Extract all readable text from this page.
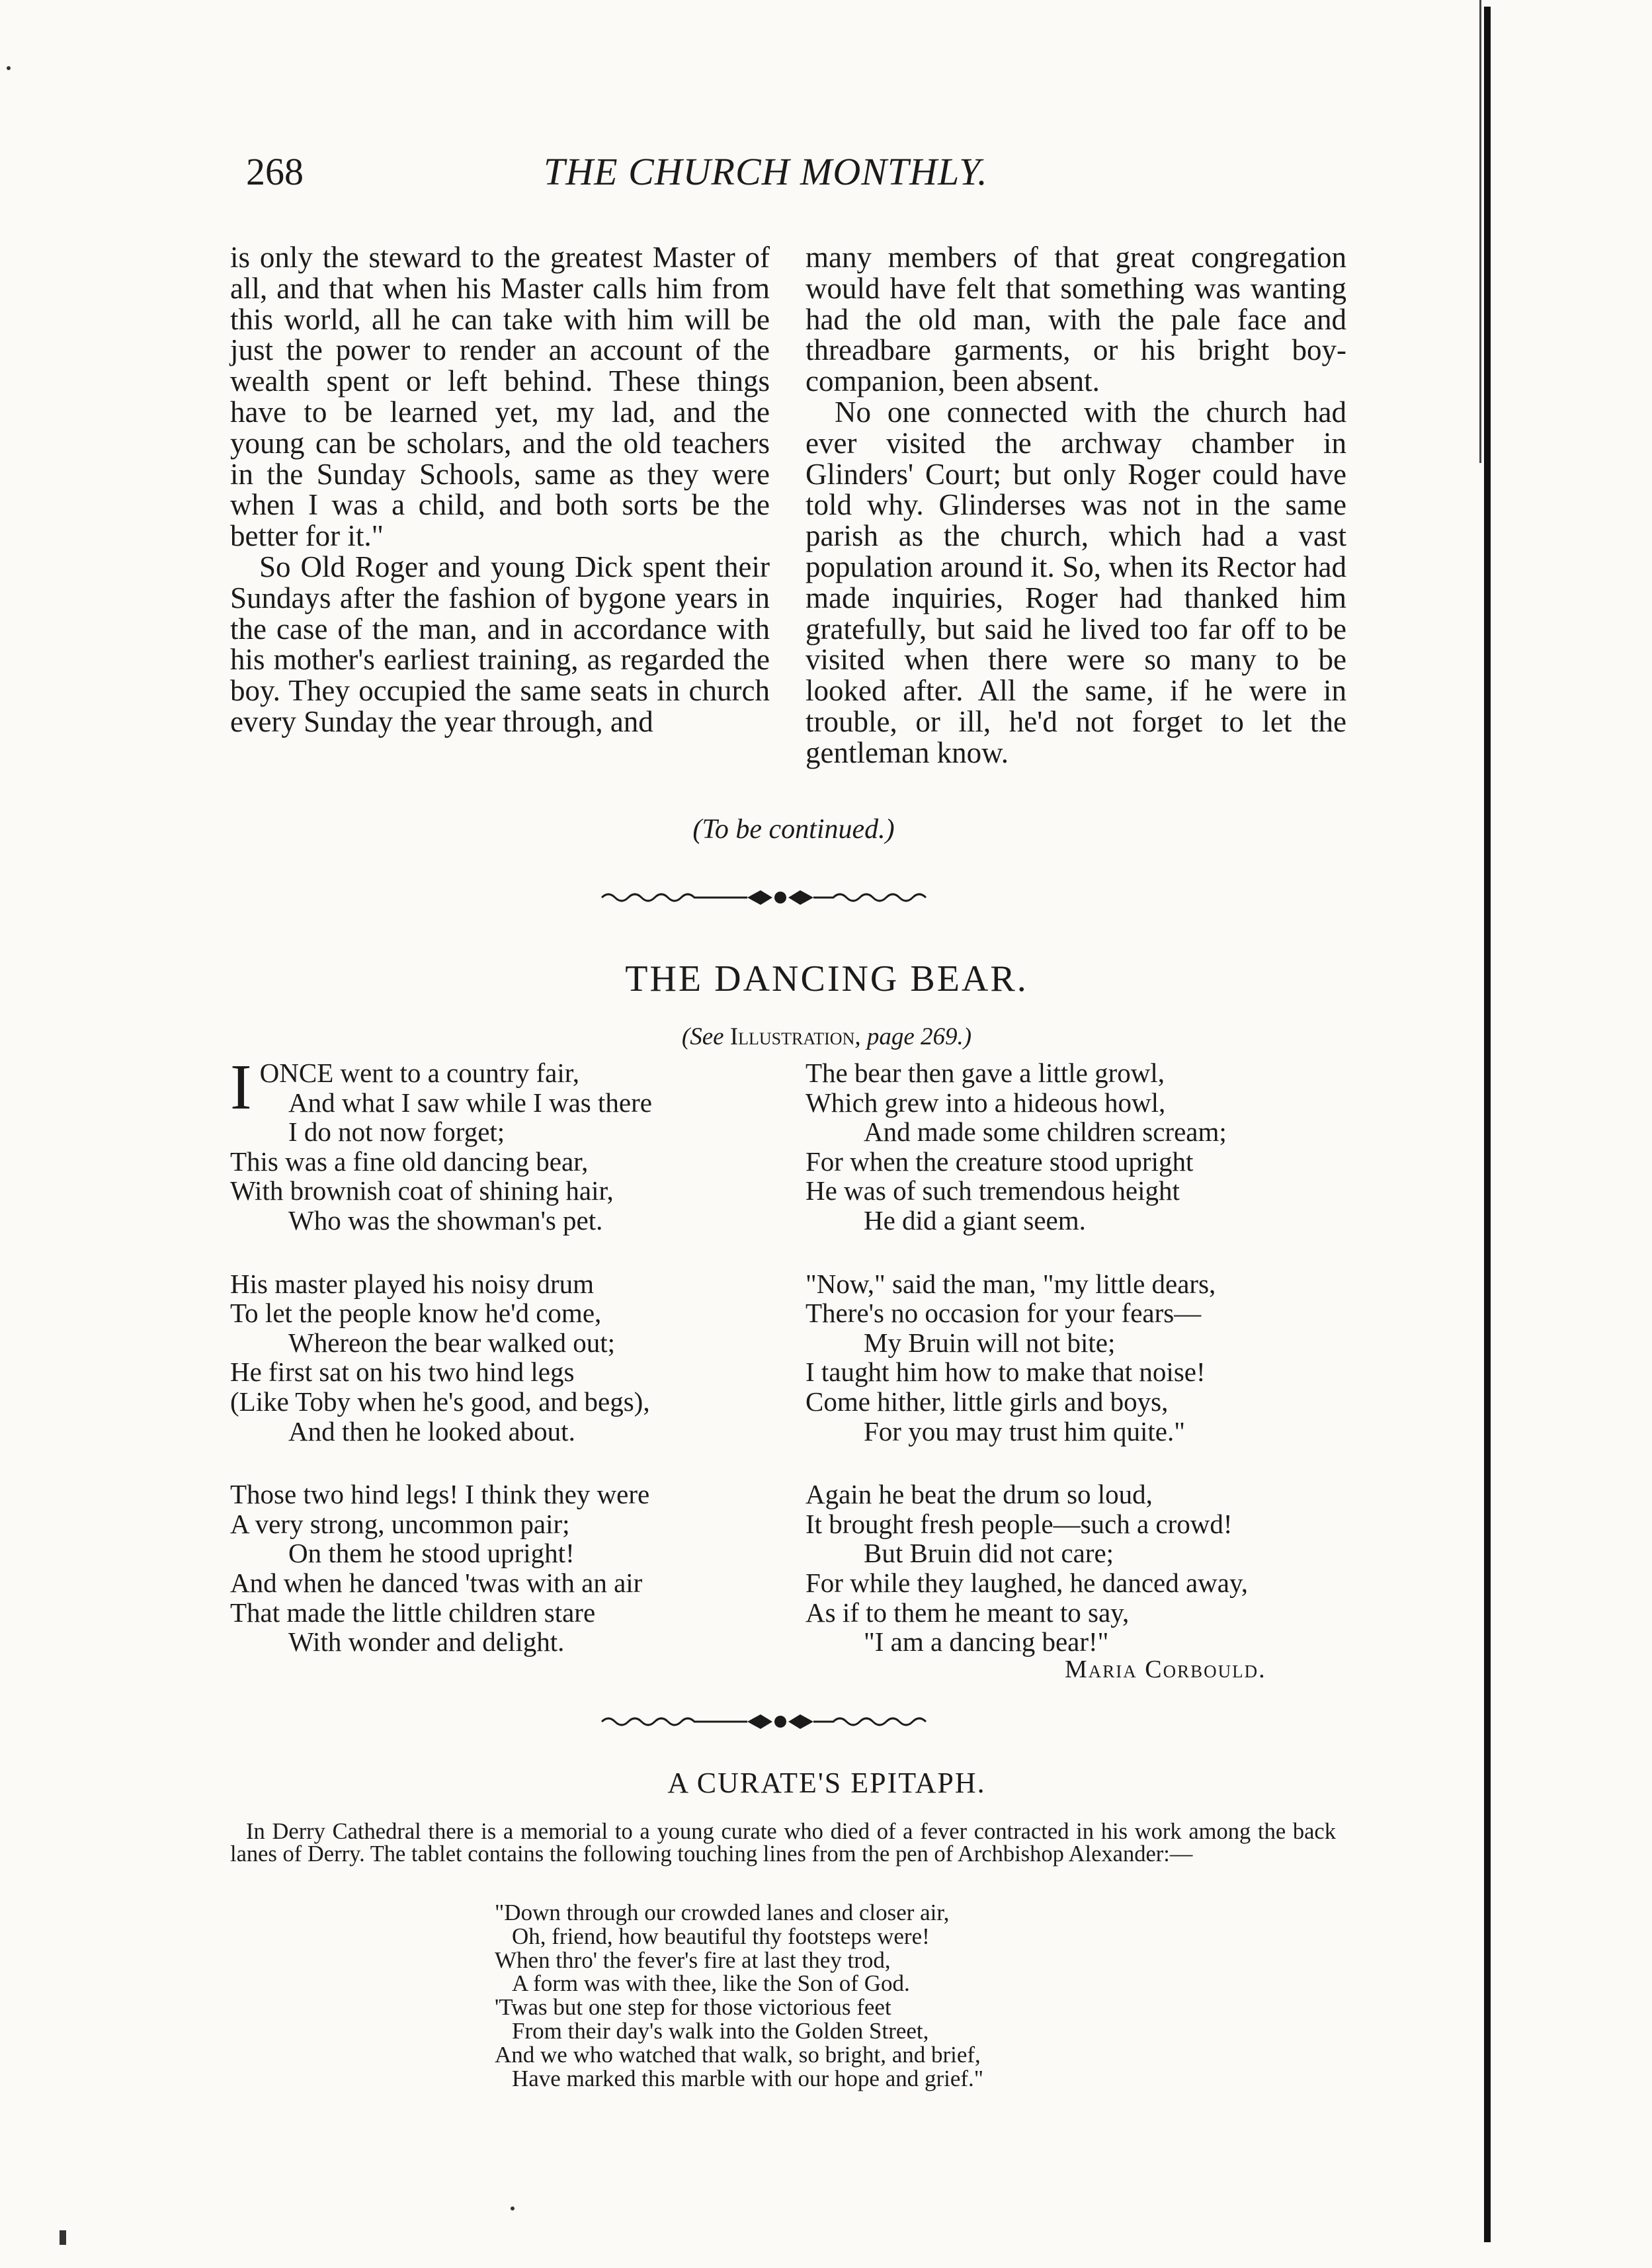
268	THE CHURCH MONTHLY.

is only the steward to the greatest Master of all, and that when his Master calls him from this world, all he can take with him will be just the power to render an account of the wealth spent or left behind. These things have to be learned yet, my lad, and the young can be scholars, and the old teachers in the Sunday Schools, same as they were when I was a child, and both sorts be the better for it."

So Old Roger and young Dick spent their Sundays after the fashion of bygone years in the case of the man, and in accordance with his mother's earliest training, as regarded the boy. They occupied the same seats in church every Sunday the year through, and

many members of that great congregation would have felt that something was wanting had the old man, with the pale face and threadbare garments, or his bright boy-companion, been absent.

No one connected with the church had ever visited the archway chamber in Glinders' Court; but only Roger could have told why. Glinderses was not in the same parish as the church, which had a vast population around it. So, when its Rector had made inquiries, Roger had thanked him gratefully, but said he lived too far off to be visited when there were so many to be looked after. All the same, if he were in trouble, or ill, he'd not forget to let the gentleman know.

(To be continued.)
THE DANCING BEAR.
(See Illustration, page 269.)
I ONCE went to a country fair,
And what I saw while I was there
I do not now forget;
This was a fine old dancing bear,
With brownish coat of shining hair,
Who was the showman's pet.
His master played his noisy drum
To let the people know he'd come,
Whereon the bear walked out;
He first sat on his two hind legs
(Like Toby when he's good, and begs),
And then he looked about.
Those two hind legs! I think they were
A very strong, uncommon pair;
On them he stood upright!
And when he danced 'twas with an air
That made the little children stare
With wonder and delight.
The bear then gave a little growl,
Which grew into a hideous howl,
And made some children scream;
For when the creature stood upright
He was of such tremendous height
He did a giant seem.
"Now," said the man, "my little dears,
There's no occasion for your fears—
My Bruin will not bite;
I taught him how to make that noise!
Come hither, little girls and boys,
For you may trust him quite."
Again he beat the drum so loud,
It brought fresh people—such a crowd!
But Bruin did not care;
For while they laughed, he danced away,
As if to them he meant to say,
"I am a dancing bear!"
Maria Corbould.
A CURATE'S EPITAPH.
In Derry Cathedral there is a memorial to a young curate who died of a fever contracted in his work among the back lanes of Derry. The tablet contains the following touching lines from the pen of Archbishop Alexander:—
"Down through our crowded lanes and closer air,
Oh, friend, how beautiful thy footsteps were!
When thro' the fever's fire at last they trod,
A form was with thee, like the Son of God.
'Twas but one step for those victorious feet
From their day's walk into the Golden Street,
And we who watched that walk, so bright, and brief,
Have marked this marble with our hope and grief."
